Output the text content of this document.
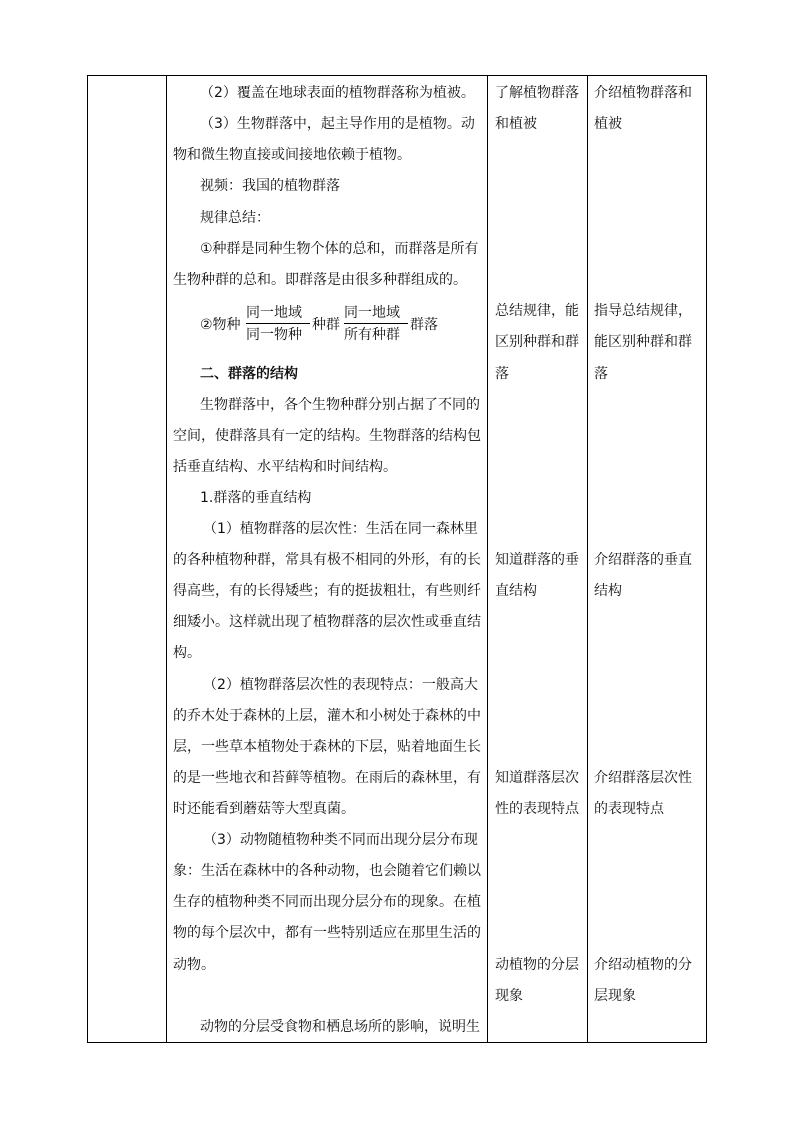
（2）覆盖在地球表面的植物群落称为植被。
（3）生物群落中，起主导作用的是植物。动
物和微生物直接或间接地依赖于植物。
视频：我国的植物群落
规律总结：
①种群是同种生物个体的总和，而群落是所有
生物种群的总和。即群落是由很多种群组成的。
②物种
同一地域
同一物种
种群
同一地域
所有种群
群落
二、群落的结构
生物群落中，各个生物种群分别占据了不同的
空间，使群落具有一定的结构。生物群落的结构包
括垂直结构、水平结构和时间结构。
1.群落的垂直结构
（1）植物群落的层次性：生活在同一森林里
的各种植物种群，常具有极不相同的外形，有的长
得高些，有的长得矮些；有的挺拔粗壮，有些则纤
细矮小。这样就出现了植物群落的层次性或垂直结
构。
（2）植物群落层次性的表现特点：一般高大
的乔木处于森林的上层，灌木和小树处于森林的中
层，一些草本植物处于森林的下层，贴着地面生长
的是一些地衣和苔藓等植物。在雨后的森林里，有
时还能看到蘑菇等大型真菌。
（3）动物随植物种类不同而出现分层分布现
象：生活在森林中的各种动物，也会随着它们赖以
生存的植物种类不同而出现分层分布的现象。在植
物的每个层次中，都有一些特别适应在那里生活的
动物。
动物的分层受食物和栖息场所的影响，说明生
了解植物群落
和植被
总结规律，能
区别种群和群
落
知道群落的垂
直结构
知道群落层次
性的表现特点
动植物的分层
现象
介绍植物群落和
植被
指导总结规律，
能区别种群和群
落
介绍群落的垂直
结构
介绍群落层次性
的表现特点
介绍动植物的分
层现象
